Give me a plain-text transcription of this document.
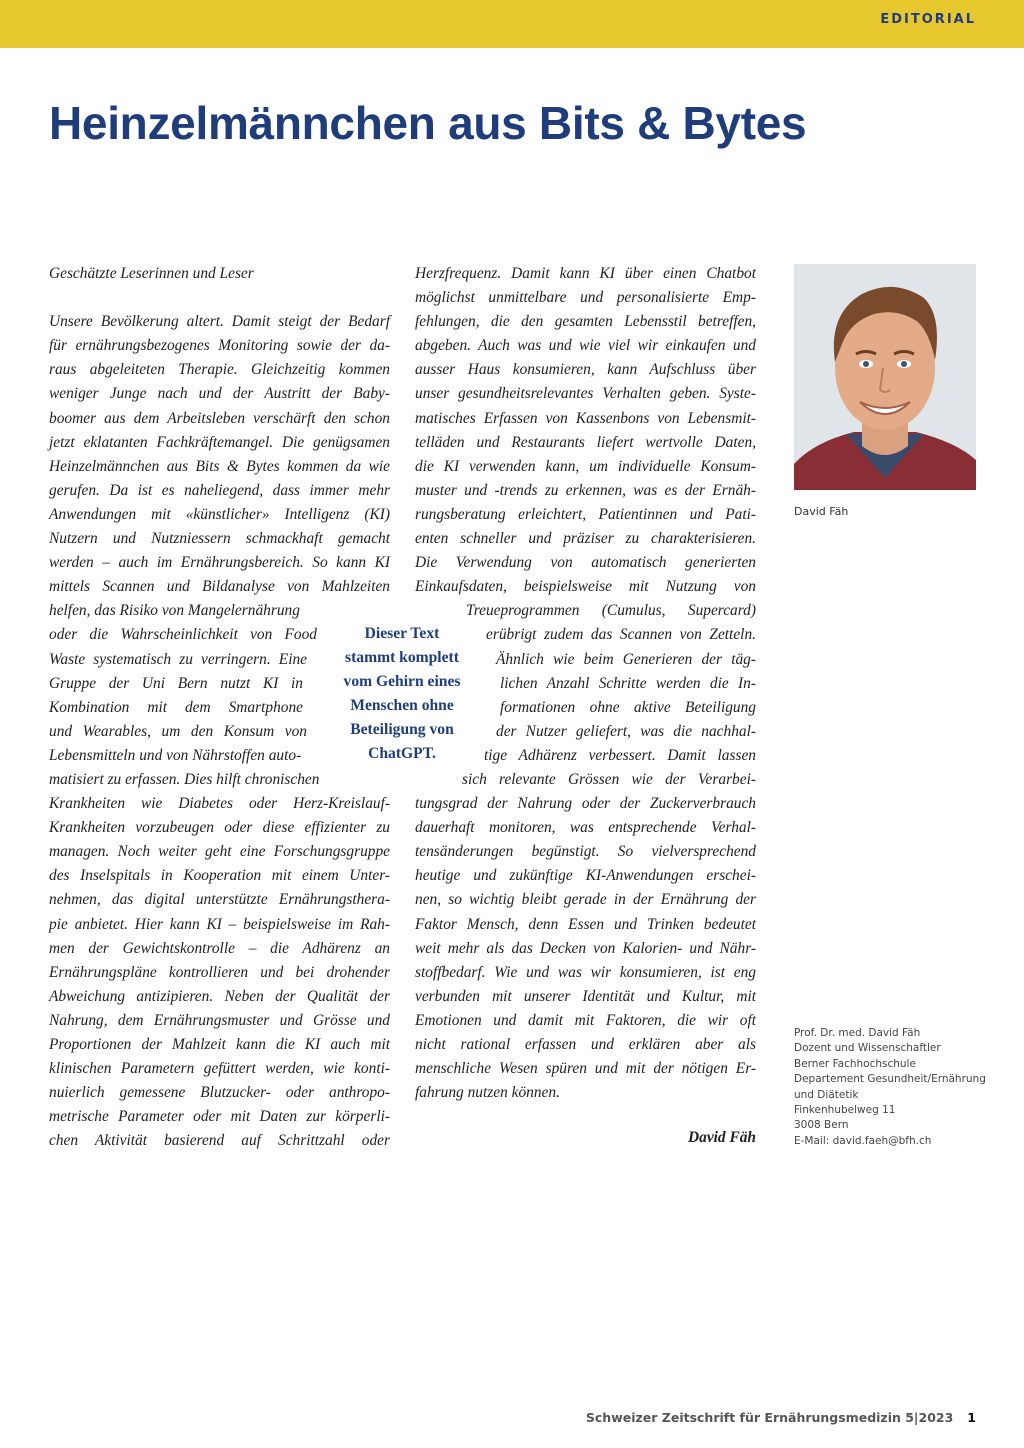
EDITORIAL
Heinzelmännchen aus Bits & Bytes

Geschätzte Leserinnen und Leser

Unsere Bevölkerung altert. Damit steigt der Bedarf

für ernährungsbezogenes Monitoring sowie der da-

raus abgeleiteten Therapie. Gleichzeitig kommen

weniger Junge nach und der Austritt der Baby-

boomer aus dem Arbeitsleben verschärft den schon

jetzt eklatanten Fachkräftemangel. Die genügsamen

Heinzelmännchen aus Bits & Bytes kommen da wie

gerufen. Da ist es naheliegend, dass immer mehr

Anwendungen mit «künstlicher» Intelligenz (KI)

Nutzern und Nutzniessern schmackhaft gemacht

werden – auch im Ernährungsbereich. So kann KI

mittels Scannen und Bildanalyse von Mahlzeiten

helfen, das Risiko von Mangelernährung

oder die Wahrscheinlichkeit von Food

Waste systematisch zu verringern. Eine

Gruppe der Uni Bern nutzt KI in

Kombination mit dem Smartphone

und Wearables, um den Konsum von

Lebensmitteln und von Nährstoffen auto-

matisiert zu erfassen. Dies hilft chronischen

Krankheiten wie Diabetes oder Herz-Kreislauf-

Krankheiten vorzubeugen oder diese effizienter zu

managen. Noch weiter geht eine Forschungsgruppe

des Inselspitals in Kooperation mit einem Unter-

nehmen, das digital unterstützte Ernährungsthera-

pie anbietet. Hier kann KI – beispielsweise im Rah-

men der Gewichtskontrolle – die Adhärenz an

Ernährungspläne kontrollieren und bei drohender

Abweichung antizipieren. Neben der Qualität der

Nahrung, dem Ernährungsmuster und Grösse und

Proportionen der Mahlzeit kann die KI auch mit

klinischen Parametern gefüttert werden, wie konti-

nuierlich gemessene Blutzucker- oder anthropo-

metrische Parameter oder mit Daten zur körperli-

chen Aktivität basierend auf Schrittzahl oder

Herzfrequenz. Damit kann KI über einen Chatbot

möglichst unmittelbare und personalisierte Emp-

fehlungen, die den gesamten Lebensstil betreffen,

abgeben. Auch was und wie viel wir einkaufen und

ausser Haus konsumieren, kann Aufschluss über

unser gesundheitsrelevantes Verhalten geben. Syste-

matisches Erfassen von Kassenbons von Lebensmit-

telläden und Restaurants liefert wertvolle Daten,

die KI verwenden kann, um individuelle Konsum-

muster und -trends zu erkennen, was es der Ernäh-

rungsberatung erleichtert, Patientinnen und Pati-

enten schneller und präziser zu charakterisieren.

Die Verwendung von automatisch generierten

Einkaufsdaten, beispielsweise mit Nutzung von

Treueprogrammen (Cumulus, Supercard)

erübrigt zudem das Scannen von Zetteln.

Ähnlich wie beim Generieren der täg-

lichen Anzahl Schritte werden die In-

formationen ohne aktive Beteiligung

der Nutzer geliefert, was die nachhal-

tige Adhärenz verbessert. Damit lassen

sich relevante Grössen wie der Verarbei-

tungsgrad der Nahrung oder der Zuckerverbrauch

dauerhaft monitoren, was entsprechende Verhal-

tensänderungen begünstigt. So vielversprechend

heutige und zukünftige KI-Anwendungen erschei-

nen, so wichtig bleibt gerade in der Ernährung der

Faktor Mensch, denn Essen und Trinken bedeutet

weit mehr als das Decken von Kalorien- und Nähr-

stoffbedarf. Wie und was wir konsumieren, ist eng

verbunden mit unserer Identität und Kultur, mit

Emotionen und damit mit Faktoren, die wir oft

nicht rational erfassen und erklären aber als

menschliche Wesen spüren und mit der nötigen Er-

fahrung nutzen können.

Dieser Text
stammt komplett
vom Gehirn eines
Menschen ohne
Beteiligung von
ChatGPT.
David Fäh
David Fäh
Prof. Dr. med. David Fäh
Dozent und Wissenschaftler
Berner Fachhochschule
Departement Gesundheit/Ernährung
und Diätetik
Finkenhubelweg 11
3008 Bern
E-Mail: david.faeh@bfh.ch
Schweizer Zeitschrift für Ernährungsmedizin 5|2023 1
